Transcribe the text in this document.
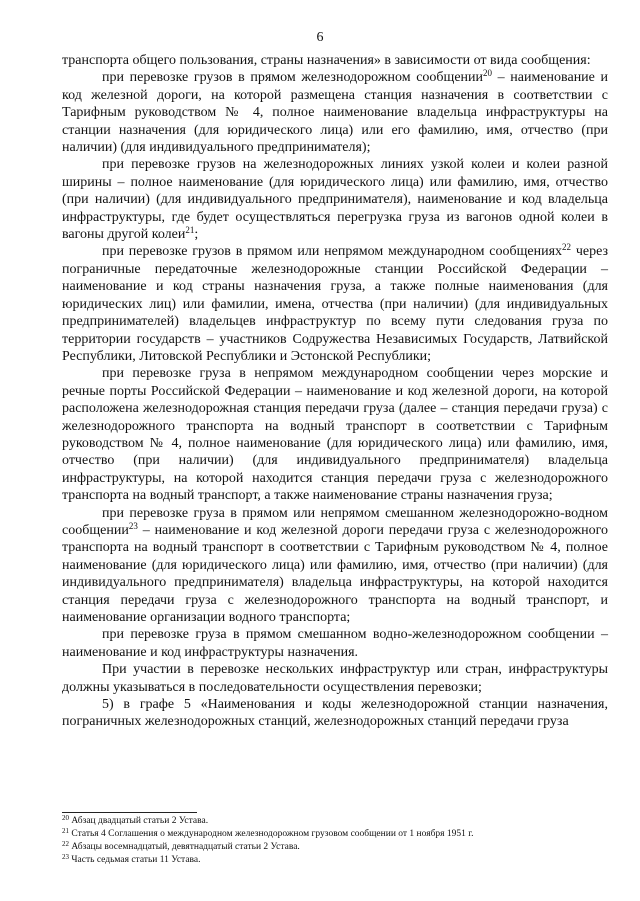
6

транспорта общего пользования, страны назначения» в зависимости от вида сообщения:

при перевозке грузов в прямом железнодорожном сообщении$^{20}$ – наименование и код железной дороги, на которой размещена станция назначения в соответствии с Тарифным руководством № 4, полное наименование владельца инфраструктуры на станции назначения (для юридического лица) или его фамилию, имя, отчество (при наличии) (для индивидуального предпринимателя);

при перевозке грузов на железнодорожных линиях узкой колеи и колеи разной ширины – полное наименование (для юридического лица) или фамилию, имя, отчество (при наличии) (для индивидуального предпринимателя), наименование и код владельца инфраструктуры, где будет осуществляться перегрузка груза из вагонов одной колеи в вагоны другой колеи$^{21}$;

при перевозке грузов в прямом или непрямом международном сообщениях$^{22}$ через пограничные передаточные железнодорожные станции Российской Федерации – наименование и код страны назначения груза, а также полные наименования (для юридических лиц) или фамилии, имена, отчества (при наличии) (для индивидуальных предпринимателей) владельцев инфраструктур по всему пути следования груза по территории государств – участников Содружества Независимых Государств, Латвийской Республики, Литовской Республики и Эстонской Республики;

при перевозке груза в непрямом международном сообщении через морские и речные порты Российской Федерации – наименование и код железной дороги, на которой расположена железнодорожная станция передачи груза (далее – станция передачи груза) с железнодорожного транспорта на водный транспорт в соответствии с Тарифным руководством № 4, полное наименование (для юридического лица) или фамилию, имя, отчество (при наличии) (для индивидуального предпринимателя) владельца инфраструктуры, на которой находится станция передачи груза с железнодорожного транспорта на водный транспорт, а также наименование страны назначения груза;

при перевозке груза в прямом или непрямом смешанном железнодорожно-водном сообщении$^{23}$ – наименование и код железной дороги передачи груза с железнодорожного транспорта на водный транспорт в соответствии с Тарифным руководством № 4, полное наименование (для юридического лица) или фамилию, имя, отчество (при наличии) (для индивидуального предпринимателя) владельца инфраструктуры, на которой находится станция передачи груза с железнодорожного транспорта на водный транспорт, и наименование организации водного транспорта;

при перевозке груза в прямом смешанном водно-железнодорожном сообщении – наименование и код инфраструктуры назначения.

При участии в перевозке нескольких инфраструктур или стран, инфраструктуры должны указываться в последовательности осуществления перевозки;

5) в графе 5 «Наименования и коды железнодорожной станции назначения, пограничных железнодорожных станций, железнодорожных станций передачи груза

$^{20}$ Абзац двадцатый статьи 2 Устава.
$^{21}$ Статья 4 Соглашения о международном железнодорожном грузовом сообщении от 1 ноября 1951 г.
$^{22}$ Абзацы восемнадцатый, девятнадцатый статьи 2 Устава.
$^{23}$ Часть седьмая статьи 11 Устава.
